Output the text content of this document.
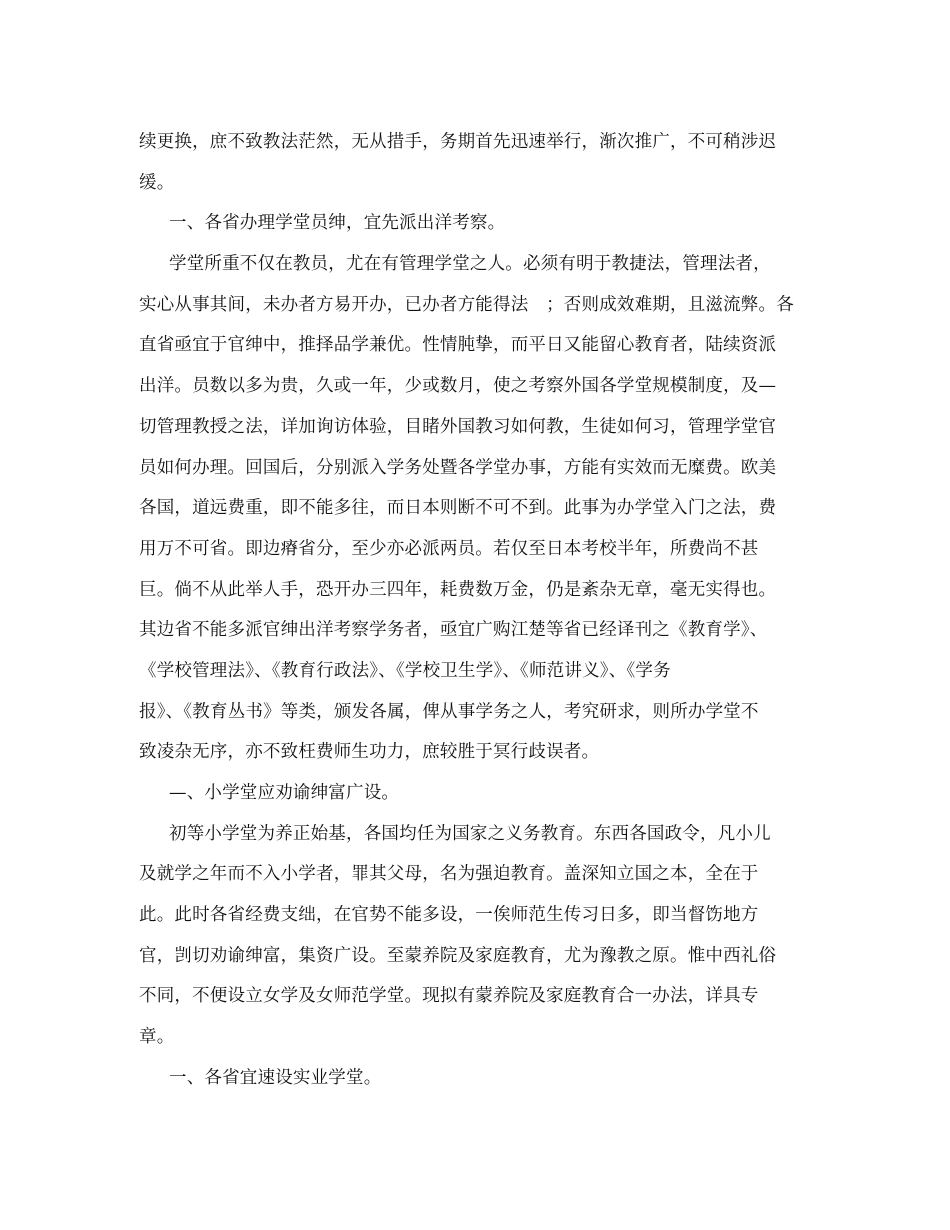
续更换，庶不致教法茫然，无从措手，务期首先迅速举行，渐次推广，不可稍涉迟
缓。
一、各省办理学堂员绅，宜先派出洋考察。
学堂所重不仅在教员，尤在有管理学堂之人。必须有明于教捷法，管理法者，
实心从事其间，未办者方易开办，已办者方能得法　；否则成效难期，且滋流弊。各
直省亟宜于官绅中，推择品学兼优。性情肫挚，而平日又能留心教育者，陆续资派
出洋。员数以多为贵，久或一年，少或数月，使之考察外国各学堂规模制度，及—
切管理教授之法，详加询访体验，目睹外国教习如何教，生徒如何习，管理学堂官
员如何办理。回国后，分别派入学务处暨各学堂办事，方能有实效而无糜费。欧美
各国，道远费重，即不能多往，而日本则断不可不到。此事为办学堂入门之法，费
用万不可省。即边瘠省分，至少亦必派两员。若仅至日本考校半年，所费尚不甚
巨。倘不从此举人手，恐开办三四年，耗费数万金，仍是紊杂无章，毫无实得也。
其边省不能多派官绅出洋考察学务者，亟宜广购江楚等省已经译刊之《教育学》、
《学校管理法》、《教育行政法》、《学校卫生学》、《师范讲义》、《学务
报》、《教育丛书》等类，颁发各属，俾从事学务之人，考究研求，则所办学堂不
致凌杂无序，亦不致枉费师生功力，庶较胜于冥行歧误者。
—、小学堂应劝谕绅富广设。
初等小学堂为养正始基，各国均任为国家之义务教育。东西各国政令，凡小儿
及就学之年而不入小学者，罪其父母，名为强迫教育。盖深知立国之本，全在于
此。此时各省经费支绌，在官势不能多设，一俟师范生传习日多，即当督饬地方
官，剀切劝谕绅富，集资广设。至蒙养院及家庭教育，尤为豫教之原。惟中西礼俗
不同，不便设立女学及女师范学堂。现拟有蒙养院及家庭教育合一办法，详具专
章。
一、各省宜速设实业学堂。
